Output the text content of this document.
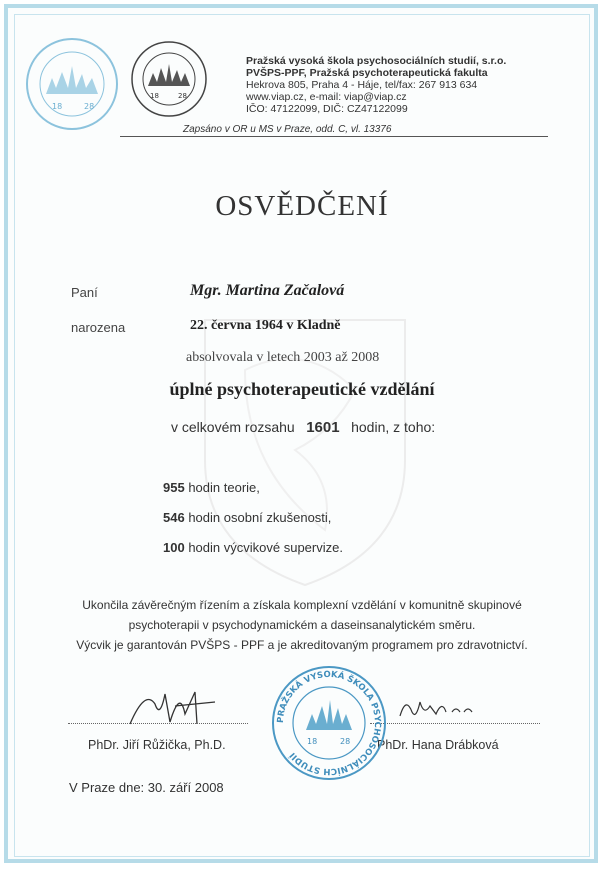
18	28
18	28
Pražská vysoká škola psychosociálních studií, s.r.o.
PVŠPS-PPF, Pražská psychoterapeutická fakulta
Hekrova 805, Praha 4 - Háje, tel/fax: 267 913 634
www.viap.cz, e-mail: viap@viap.cz
IČO: 47122099, DIČ: CZ47122099
Zapsáno v OR u MS v Praze, odd. C, vl. 13376
OSVĚDČENÍ
Paní	Mgr. Martina Začalová
narozena	22. června 1964 v Kladně
absolvovala v letech 2003 až 2008
úplné psychoterapeutické vzdělání
v celkovém rozsahu 1601 hodin, z toho:
955 hodin teorie,
546 hodin osobní zkušenosti,
100 hodin výcvikové supervize.
Ukončila závěrečným řízením a získala komplexní vzdělání v komunitně skupinové
psychoterapii v psychodynamickém a daseinsanalytickém směru.
Výcvik je garantován PVŠPS - PPF a je akreditovaným programem pro zdravotnictví.
PhDr. Jiří Růžička, Ph.D.	PhDr. Hana Drábková
PRAŽSKÁ VYSOKÁ ŠKOLA PSYCHOSOCIÁLNÍCH STUDIÍ
18	28
V Praze dne: 30. září 2008
